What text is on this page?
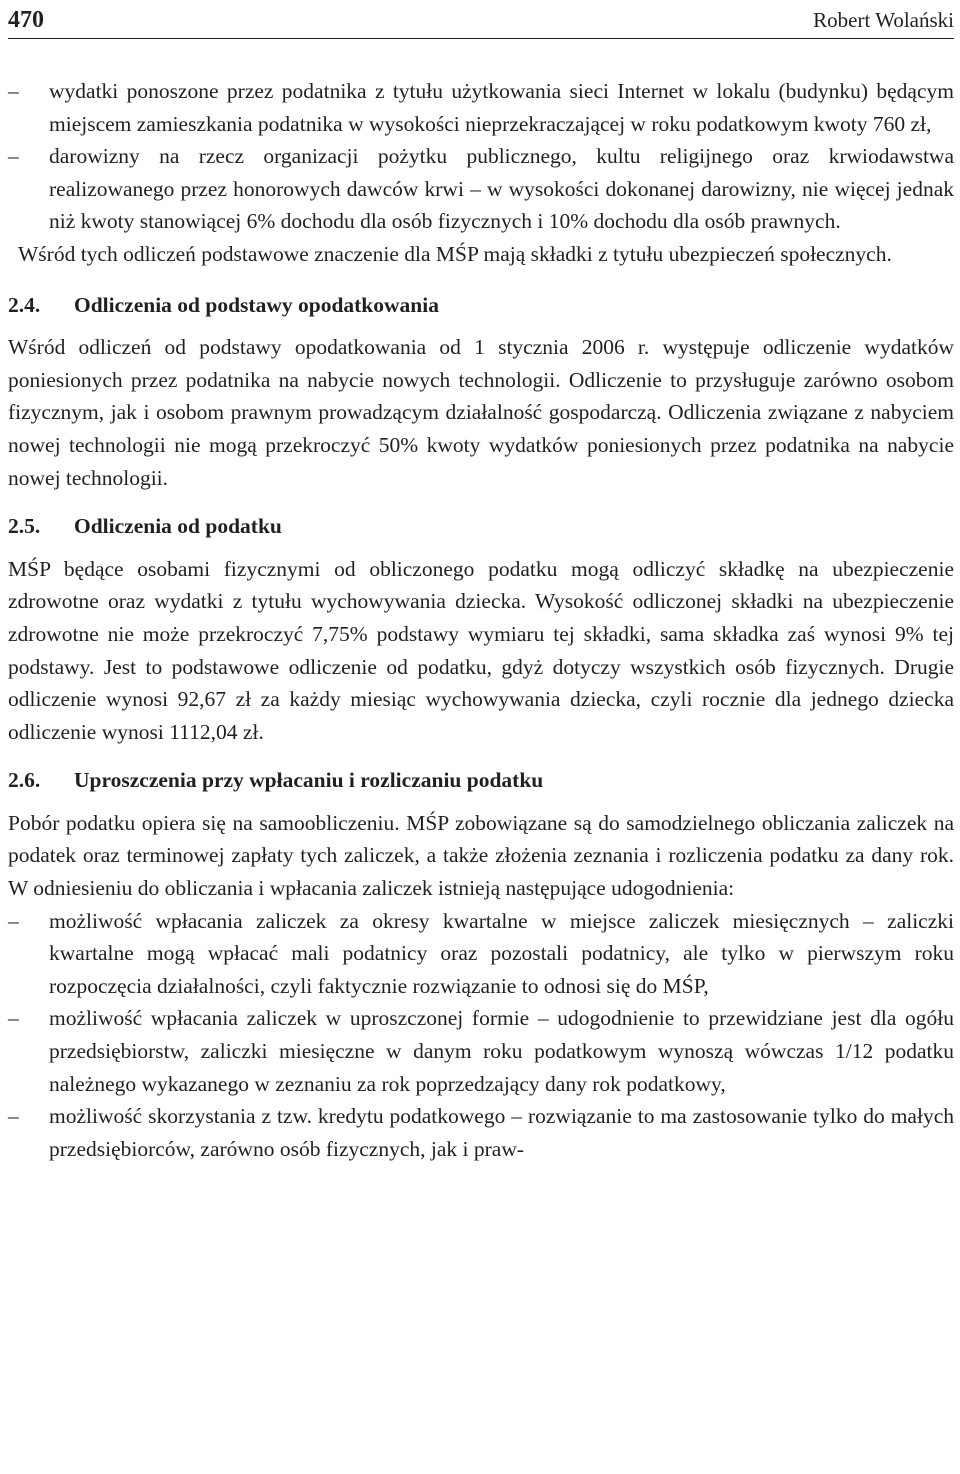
470	Robert Wolański
– wydatki ponoszone przez podatnika z tytułu użytkowania sieci Internet w lokalu (budynku) będącym miejscem zamieszkania podatnika w wysokości nieprzekraczającej w roku podatkowym kwoty 760 zł,
– darowizny na rzecz organizacji pożytku publicznego, kultu religijnego oraz krwiodawstwa realizowanego przez honorowych dawców krwi – w wysokości dokonanej darowizny, nie więcej jednak niż kwoty stanowiącej 6% dochodu dla osób fizycznych i 10% dochodu dla osób prawnych.

Wśród tych odliczeń podstawowe znaczenie dla MŚP mają składki z tytułu ubezpieczeń społecznych.

2.4.	Odliczenia od podstawy opodatkowania

Wśród odliczeń od podstawy opodatkowania od 1 stycznia 2006 r. występuje odliczenie wydatków poniesionych przez podatnika na nabycie nowych technologii. Odliczenie to przysługuje zarówno osobom fizycznym, jak i osobom prawnym prowadzącym działalność gospodarczą. Odliczenia związane z nabyciem nowej technologii nie mogą przekroczyć 50% kwoty wydatków poniesionych przez podatnika na nabycie nowej technologii.

2.5.	Odliczenia od podatku

MŚP będące osobami fizycznymi od obliczonego podatku mogą odliczyć składkę na ubezpieczenie zdrowotne oraz wydatki z tytułu wychowywania dziecka. Wysokość odliczonej składki na ubezpieczenie zdrowotne nie może przekroczyć 7,75% podstawy wymiaru tej składki, sama składka zaś wynosi 9% tej podstawy. Jest to podstawowe odliczenie od podatku, gdyż dotyczy wszystkich osób fizycznych. Drugie odliczenie wynosi 92,67 zł za każdy miesiąc wychowywania dziecka, czyli rocznie dla jednego dziecka odliczenie wynosi 1112,04 zł.

2.6.	Uproszczenia przy wpłacaniu i rozliczaniu podatku

Pobór podatku opiera się na samoobliczeniu. MŚP zobowiązane są do samodzielnego obliczania zaliczek na podatek oraz terminowej zapłaty tych zaliczek, a także złożenia zeznania i rozliczenia podatku za dany rok. W odniesieniu do obliczania i wpłacania zaliczek istnieją następujące udogodnienia:

– możliwość wpłacania zaliczek za okresy kwartalne w miejsce zaliczek miesięcznych – zaliczki kwartalne mogą wpłacać mali podatnicy oraz pozostali podatnicy, ale tylko w pierwszym roku rozpoczęcia działalności, czyli faktycznie rozwiązanie to odnosi się do MŚP,
– możliwość wpłacania zaliczek w uproszczonej formie – udogodnienie to przewidziane jest dla ogółu przedsiębiorstw, zaliczki miesięczne w danym roku podatkowym wynoszą wówczas 1/12 podatku należnego wykazanego w zeznaniu za rok poprzedzający dany rok podatkowy,
– możliwość skorzystania z tzw. kredytu podatkowego – rozwiązanie to ma zastosowanie tylko do małych przedsiębiorców, zarówno osób fizycznych, jak i praw-
